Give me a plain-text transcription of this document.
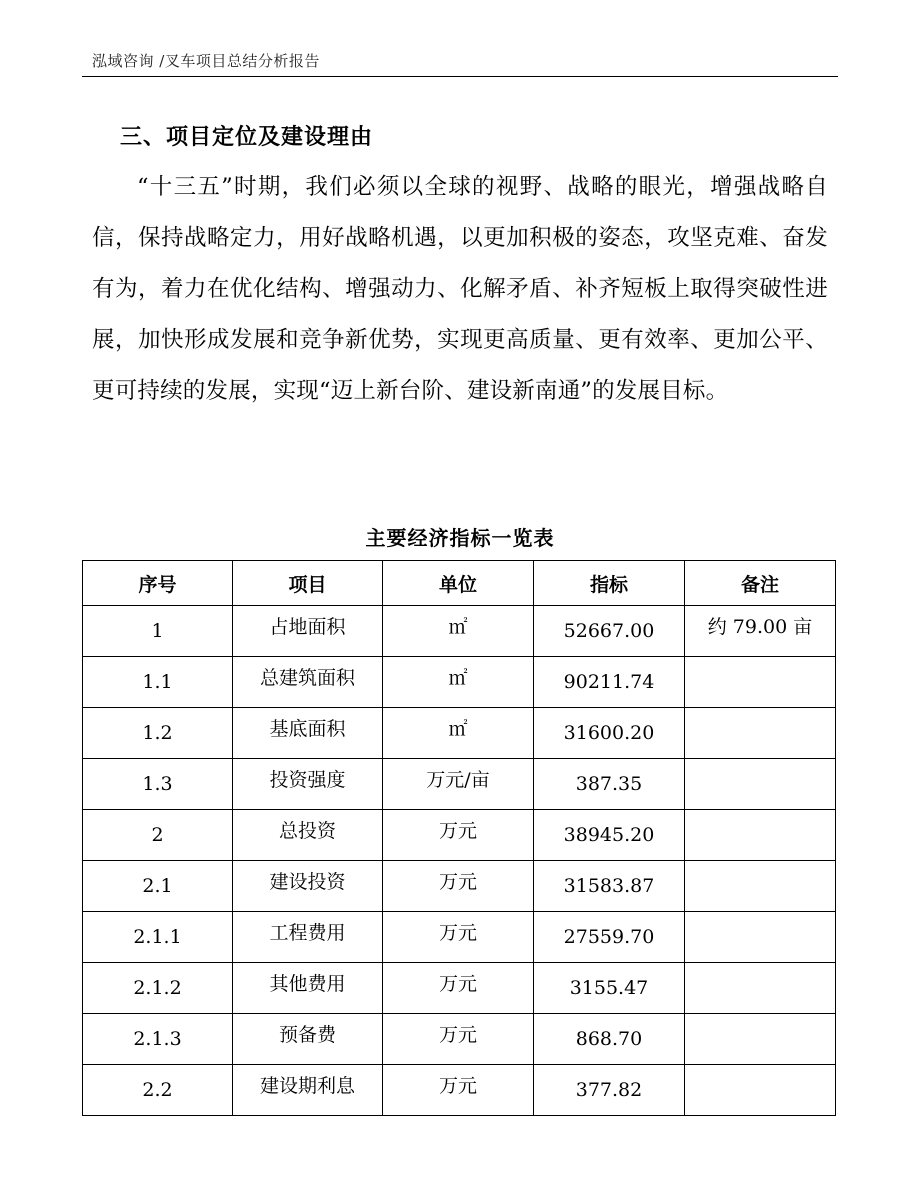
泓域咨询 /叉车项目总结分析报告
三、项目定位及建设理由
“十三五”时期，我们必须以全球的视野、战略的眼光，增强战略自信，保持战略定力，用好战略机遇，以更加积极的姿态，攻坚克难、奋发有为，着力在优化结构、增强动力、化解矛盾、补齐短板上取得突破性进展，加快形成发展和竞争新优势，实现更高质量、更有效率、更加公平、更可持续的发展，实现“迈上新台阶、建设新南通”的发展目标。
主要经济指标一览表
序号	项目	单位	指标	备注
1	占地面积	㎡	52667.00	约 79.00 亩
1.1	总建筑面积	㎡	90211.74	
1.2	基底面积	㎡	31600.20	
1.3	投资强度	万元/亩	387.35	
2	总投资	万元	38945.20	
2.1	建设投资	万元	31583.87	
2.1.1	工程费用	万元	27559.70	
2.1.2	其他费用	万元	3155.47	
2.1.3	预备费	万元	868.70	
2.2	建设期利息	万元	377.82	
